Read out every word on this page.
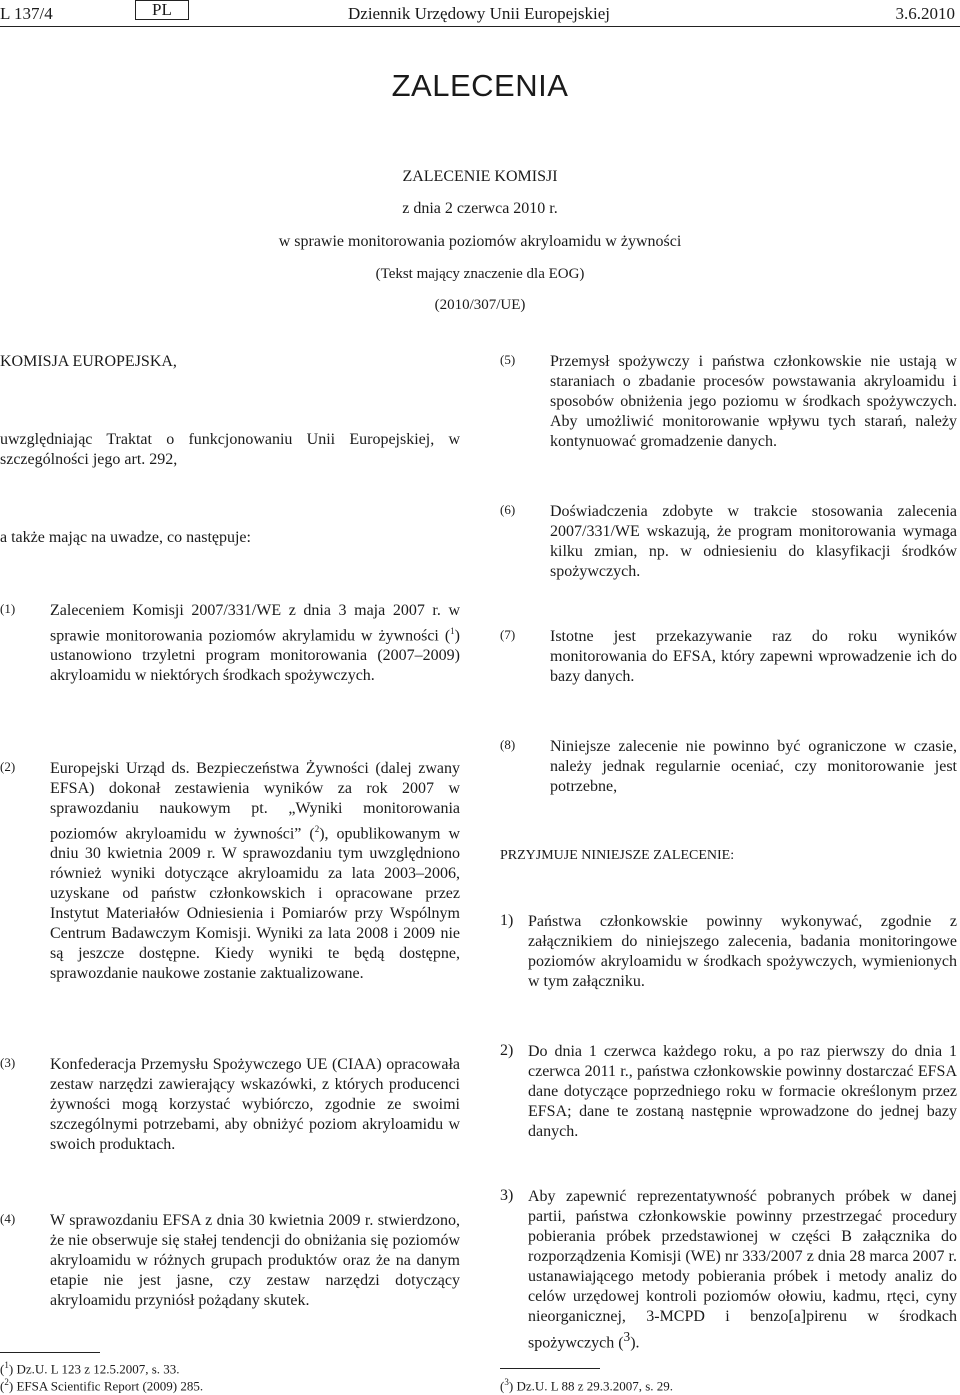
L 137/4	PL	Dziennik Urzędowy Unii Europejskiej	3.6.2010
ZALECENIA
ZALECENIE KOMISJI
z dnia 2 czerwca 2010 r.
w sprawie monitorowania poziomów akryloamidu w żywności
(Tekst mający znaczenie dla EOG)
(2010/307/UE)

KOMISJA EUROPEJSKA,

uwzględniając Traktat o funkcjonowaniu Unii Europejskiej, w szczególności jego art. 292,

a także mając na uwadze, co następuje:

(1) Zaleceniem Komisji 2007/331/WE z dnia 3 maja 2007 r. w sprawie monitorowania poziomów akrylamidu w żywności ($^1$) ustanowiono trzyletni program monitorowania (2007–2009) akryloamidu w niektórych środkach spożywczych.
(2) Europejski Urząd ds. Bezpieczeństwa Żywności (dalej zwany EFSA) dokonał zestawienia wyników za rok 2007 w sprawozdaniu naukowym pt. „Wyniki monitorowania poziomów akryloamidu w żywności” ($^2$), opublikowanym w dniu 30 kwietnia 2009 r. W sprawozdaniu tym uwzględniono również wyniki dotyczące akryloamidu za lata 2003–2006, uzyskane od państw członkowskich i opracowane przez Instytut Materiałów Odniesienia i Pomiarów przy Wspólnym Centrum Badawczym Komisji. Wyniki za lata 2008 i 2009 nie są jeszcze dostępne. Kiedy wyniki te będą dostępne, sprawozdanie naukowe zostanie zaktualizowane.
(3) Konfederacja Przemysłu Spożywczego UE (CIAA) opracowała zestaw narzędzi zawierający wskazówki, z których producenci żywności mogą korzystać wybiórczo, zgodnie ze swoimi szczególnymi potrzebami, aby obniżyć poziom akryloamidu w swoich produktach.
(4) W sprawozdaniu EFSA z dnia 30 kwietnia 2009 r. stwierdzono, że nie obserwuje się stałej tendencji do obniżania się poziomów akryloamidu w różnych grupach produktów oraz że na danym etapie nie jest jasne, czy zestaw narzędzi dotyczący akryloamidu przyniósł pożądany skutek.
($^1$) Dz.U. L 123 z 12.5.2007, s. 33.
($^2$) EFSA Scientific Report (2009) 285.
(5) Przemysł spożywczy i państwa członkowskie nie ustają w staraniach o zbadanie procesów powstawania akryloamidu i sposobów obniżenia jego poziomu w środkach spożywczych. Aby umożliwić monitorowanie wpływu tych starań, należy kontynuować gromadzenie danych.
(6) Doświadczenia zdobyte w trakcie stosowania zalecenia 2007/331/WE wskazują, że program monitorowania wymaga kilku zmian, np. w odniesieniu do klasyfikacji środków spożywczych.
(7) Istotne jest przekazywanie raz do roku wyników monitorowania do EFSA, który zapewni wprowadzenie ich do bazy danych.
(8) Niniejsze zalecenie nie powinno być ograniczone w czasie, należy jednak regularnie oceniać, czy monitorowanie jest potrzebne,
PRZYJMUJE NINIEJSZE ZALECENIE:
1) Państwa członkowskie powinny wykonywać, zgodnie z załącznikiem do niniejszego zalecenia, badania monitoringowe poziomów akryloamidu w środkach spożywczych, wymienionych w tym załączniku.
2) Do dnia 1 czerwca każdego roku, a po raz pierwszy do dnia 1 czerwca 2011 r., państwa członkowskie powinny dostarczać EFSA dane dotyczące poprzedniego roku w formacie określonym przez EFSA; dane te zostaną następnie wprowadzone do jednej bazy danych.
3) Aby zapewnić reprezentatywność pobranych próbek w danej partii, państwa członkowskie powinny przestrzegać procedury pobierania próbek przedstawionej w części B załącznika do rozporządzenia Komisji (WE) nr 333/2007 z dnia 28 marca 2007 r. ustanawiającego metody pobierania próbek i metody analiz do celów urzędowej kontroli poziomów ołowiu, kadmu, rtęci, cyny nieorganicznej, 3-MCPD i benzo[a]pirenu w środkach spożywczych ($^3$).
($^3$) Dz.U. L 88 z 29.3.2007, s. 29.
